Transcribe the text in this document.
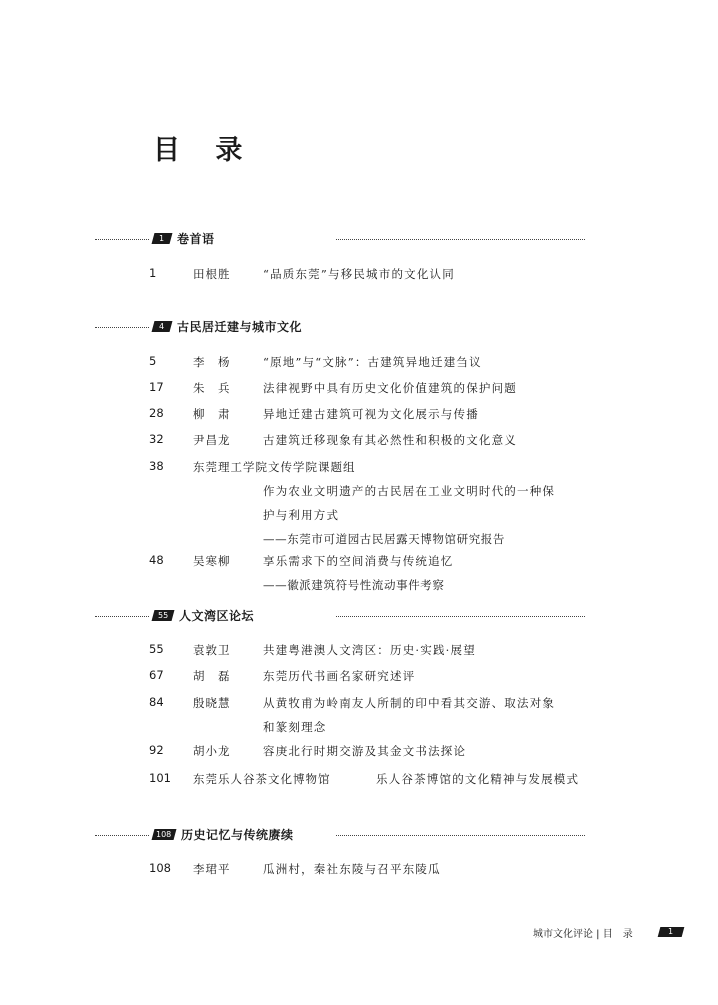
目 录
1	卷首语
1	田根胜	“品质东莞”与移民城市的文化认同
4	古民居迁建与城市文化
5	李　杨	“原地”与“文脉”：古建筑异地迁建刍议
17	朱　兵	法律视野中具有历史文化价值建筑的保护问题
28	柳　肃	异地迁建古建筑可视为文化展示与传播
32	尹昌龙	古建筑迁移现象有其必然性和积极的文化意义
38	东莞理工学院文传学院课题组
作为农业文明遗产的古民居在工业文明时代的一种保
护与利用方式
——东莞市可道园古民居露天博物馆研究报告
48	吴寒柳	享乐需求下的空间消费与传统追忆
——徽派建筑符号性流动事件考察
55 人文湾区论坛
55	袁敦卫	共建粤港澳人文湾区：历史·实践·展望
67	胡　磊	东莞历代书画名家研究述评
84	殷晓慧	从黄牧甫为岭南友人所制的印中看其交游、取法对象
和篆刻理念
92	胡小龙	容庚北行时期交游及其金文书法探论
101 东莞乐人谷茶文化博物馆	乐人谷茶博馆的文化精神与发展模式
108 历史记忆与传统赓续
108 李珺平	瓜洲村，秦社东陵与召平东陵瓜
城市文化评论 | 目　录	1
